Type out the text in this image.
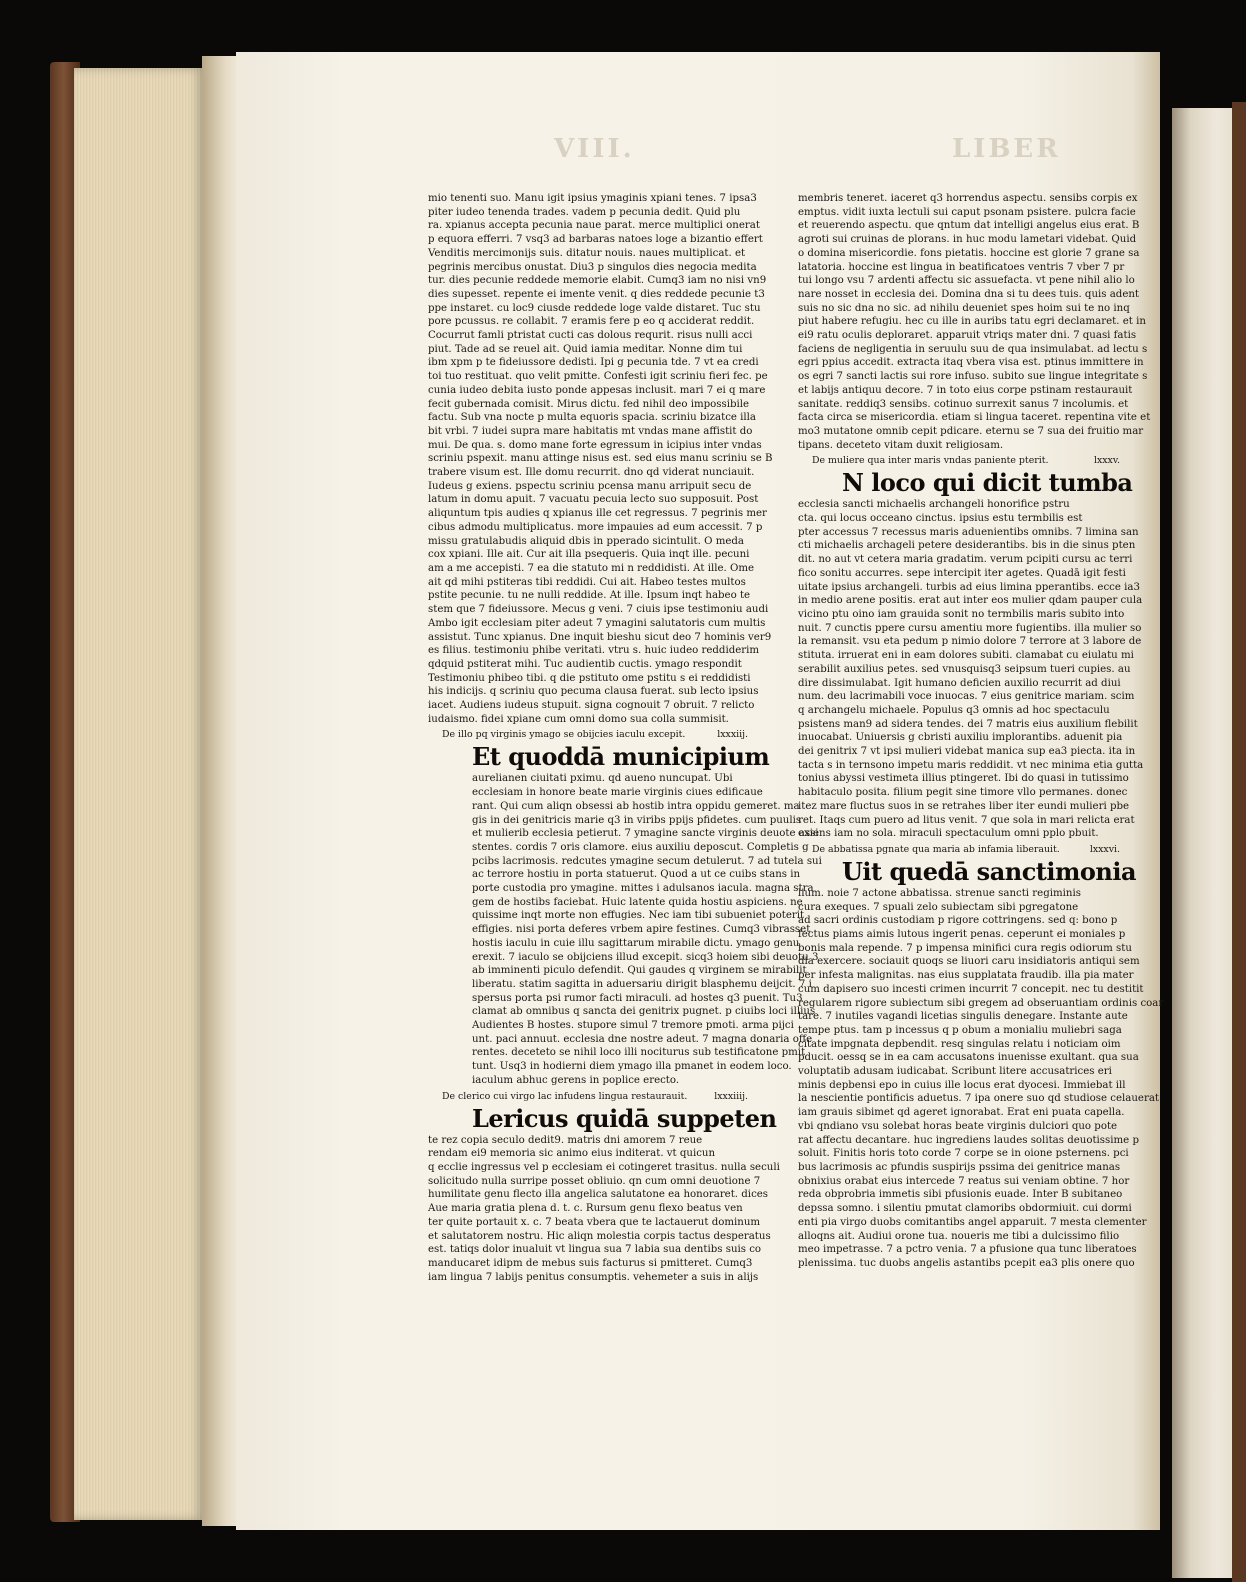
VIII.	LIBER
mio tenenti suo. Manu igit ipsius ymaginis xpiani tenes. 7 ipsa3
piter iudeo tenenda trades. vadem p pecunia dedit. Quid plu
ra. xpianus accepta pecunia naue parat. merce multiplici onerat
p equora efferri. 7 vsq3 ad barbaras natoes loge a bizantio effert
Venditis mercimonijs suis. ditatur nouis. naues multiplicat. et
pegrinis mercibus onustat. Diu3 p singulos dies negocia medita
tur. dies pecunie reddede memorie elabit. Cumq3 iam no nisi vn9
dies supesset. repente ei imente venit. q dies reddede pecunie t3
ppe instaret. cu loc9 ciusde reddede loge valde distaret. Tuc stu
pore pcussus. re collabit. 7 eramis fere p eo q acciderat reddit.
Cocurrut famli ptristat cucti cas dolous requrit. risus nulli acci
piut. Tade ad se reuel ait. Quid iamia meditar. Nonne dim tui
ibm xpm p te fideiussore dedisti. Ipi g pecunia tde. 7 vt ea credi
toi tuo restituat. quo velit pmitte. Confesti igit scriniu fieri fec. pe
cunia iudeo debita iusto ponde appesas inclusit. mari 7 ei q mare
fecit gubernada comisit. Mirus dictu. fed nihil deo impossibile
factu. Sub vna nocte p multa equoris spacia. scriniu bizatce illa
bit vrbi. 7 iudei supra mare habitatis mt vndas mane affistit do
mui. De qua. s. domo mane forte egressum in icipius inter vndas
scriniu pspexit. manu attinge nisus est. sed eius manu scriniu se B
trabere visum est. Ille domu recurrit. dno qd viderat nunciauit.
Iudeus g exiens. pspectu scriniu pcensa manu arripuit secu de
latum in domu apuit. 7 vacuatu pecuia lecto suo supposuit. Post
aliquntum tpis audies q xpianus ille cet regressus. 7 pegrinis mer
cibus admodu multiplicatus. more impauies ad eum accessit. 7 p
missu gratulabudis aliquid dbis in pperado sicintulit. O meda
cox xpiani. Ille ait. Cur ait illa psequeris. Quia inqt ille. pecuni
am a me accepisti. 7 ea die statuto mi n reddidisti. At ille. Ome
ait qd mihi pstiteras tibi reddidi. Cui ait. Habeo testes multos
pstite pecunie. tu ne nulli reddide. At ille. Ipsum inqt habeo te
stem que 7 fideiussore. Mecus g veni. 7 ciuis ipse testimoniu audi
Ambo igit ecclesiam piter adeut 7 ymagini salutatoris cum multis
assistut. Tunc xpianus. Dne inquit bieshu sicut deo 7 hominis ver9
es filius. testimoniu phibe veritati. vtru s. huic iudeo reddiderim
qdquid pstiterat mihi. Tuc audientib cuctis. ymago respondit
Testimoniu phibeo tibi. q die pstituto ome pstitu s ei reddidisti
his indicijs. q scriniu quo pecuma clausa fuerat. sub lecto ipsius
iacet. Audiens iudeus stupuit. signa cognouit 7 obruit. 7 relicto
iudaismo. fidei xpiane cum omni domo sua colla summisit.
De illo pq virginis ymago se obijcies iaculu excepit.	lxxxiij.
Et quoddā municipium
aurelianen ciuitati pximu. qd aueno nuncupat. Ubi
ecclesiam in honore beate marie virginis ciues edificaue
rant. Qui cum aliqn obsessi ab hostib intra oppidu gemeret. ma
gis in dei genitricis marie q3 in viribs ppijs pfidetes. cum puulis
et mulierib ecclesia petierut. 7 ymagine sancte virginis deuote assi
stentes. cordis 7 oris clamore. eius auxiliu deposcut. Completis g
pcibs lacrimosis. redcutes ymagine secum detulerut. 7 ad tutela sui
ac terrore hostiu in porta statuerut. Quod a ut ce cuibs stans in
porte custodia pro ymagine. mittes i adulsanos iacula. magna stra
gem de hostibs faciebat. Huic latente quida hostiu aspiciens. ne
quissime inqt morte non effugies. Nec iam tibi subueniet poterit
effigies. nisi porta deferes vrbem apire festines. Cumq3 vibrasset
hostis iaculu in cuie illu sagittarum mirabile dictu. ymago genu
erexit. 7 iaculo se obijciens illud excepit. sicq3 hoiem sibi deuotu 3
ab imminenti piculo defendit. Qui gaudes q virginem se mirabilit
liberatu. statim sagitta in aduersariu dirigit blasphemu deijcit. 7 i
spersus porta psi rumor facti miraculi. ad hostes q3 puenit. Tu3
clamat ab omnibus q sancta dei genitrix pugnet. p ciuibs loci illius
Audientes B hostes. stupore simul 7 tremore pmoti. arma pijci
unt. paci annuut. ecclesia dne nostre adeut. 7 magna donaria offe
rentes. deceteto se nihil loco illi nociturus sub testificatone pmit
tunt. Usq3 in hodierni diem ymago illa pmanet in eodem loco.
iaculum abhuc gerens in poplice erecto.
De clerico cui virgo lac infudens lingua restaurauit.	lxxxiiij.
Lericus quidā suppeten
te rez copia seculo dedit9. matris dni amorem 7 reue
rendam ei9 memoria sic animo eius inditerat. vt quicun
q ecclie ingressus vel p ecclesiam ei cotingeret trasitus. nulla seculi
solicitudo nulla surripe posset obliuio. qn cum omni deuotione 7
humilitate genu flecto illa angelica salutatone ea honoraret. dices
Aue maria gratia plena d. t. c. Rursum genu flexo beatus ven
ter quite portauit x. c. 7 beata vbera que te lactauerut dominum
et salutatorem nostru. Hic aliqn molestia corpis tactus desperatus
est. tatiqs dolor inualuit vt lingua sua 7 labia sua dentibs suis co
manducaret idipm de mebus suis facturus si pmitteret. Cumq3
iam lingua 7 labijs penitus consumptis. vehemeter a suis in alijs
membris teneret. iaceret q3 horrendus aspectu. sensibs corpis ex
emptus. vidit iuxta lectuli sui caput psonam psistere. pulcra facie
et reuerendo aspectu. que qntum dat intelligi angelus eius erat. B
agroti sui cruinas de plorans. in huc modu lametari videbat. Quid
o domina misericordie. fons pietatis. hoccine est glorie 7 grane sa
latatoria. hoccine est lingua in beatificatoes ventris 7 vber 7 pr
tui longo vsu 7 ardenti affectu sic assuefacta. vt pene nihil alio lo
nare nosset in ecclesia dei. Domina dna si tu dees tuis. quis adent
suis no sic dna no sic. ad nihilu deueniet spes hoim sui te no inq
piut habere refugiu. hec cu ille in auribs tatu egri declamaret. et in
ei9 ratu oculis deploraret. apparuit vtriqs mater dni. 7 quasi fatis
faciens de negligentia in seruulu suu de qua insimulabat. ad lectu s
egri ppius accedit. extracta itaq vbera visa est. ptinus immittere in
os egri 7 sancti lactis sui rore infuso. subito sue lingue integritate s
et labijs antiquu decore. 7 in toto eius corpe pstinam restaurauit
sanitate. reddiq3 sensibs. cotinuo surrexit sanus 7 incolumis. et
facta circa se misericordia. etiam si lingua taceret. repentina vite et
mo3 mutatone omnib cepit pdicare. eternu se 7 sua dei fruitio mar
tipans. deceteto vitam duxit religiosam.
De muliere qua inter maris vndas paniente pterit.	lxxxv.
N loco qui dicit tumba
ecclesia sancti michaelis archangeli honorifice pstru
cta. qui locus occeano cinctus. ipsius estu termbilis est
pter accessus 7 recessus maris aduenientibs omnibs. 7 limina san
cti michaelis archageli petere desiderantibs. bis in die sinus pten
dit. no aut vt cetera maria gradatim. verum pcipiti cursu ac terri
fico sonitu accurres. sepe intercipit iter agetes. Quadā igit festi
uitate ipsius archangeli. turbis ad eius limina pperantibs. ecce ia3
in medio arene positis. erat aut inter eos mulier qdam pauper cula
vicino ptu oino iam grauida sonit no termbilis maris subito into
nuit. 7 cunctis ppere cursu amentiu more fugientibs. illa mulier so
la remansit. vsu eta pedum p nimio dolore 7 terrore at 3 labore de
stituta. irruerat eni in eam dolores subiti. clamabat cu eiulatu mi
serabilit auxilius petes. sed vnusquisq3 seipsum tueri cupies. au
dire dissimulabat. Igit humano deficien auxilio recurrit ad diui
num. deu lacrimabili voce inuocas. 7 eius genitrice mariam. scim
q archangelu michaele. Populus q3 omnis ad hoc spectaculu
psistens man9 ad sidera tendes. dei 7 matris eius auxilium flebilit
inuocabat. Uniuersis g cbristi auxiliu implorantibs. aduenit pia
dei genitrix 7 vt ipsi mulieri videbat manica sup ea3 piecta. ita in
tacta s in ternsono impetu maris reddidit. vt nec minima etia gutta
tonius abyssi vestimeta illius ptingeret. Ibi do quasi in tutissimo
habitaculo posita. filium pegit sine timore vllo permanes. donec
itez mare fluctus suos in se retrahes liber iter eundi mulieri pbe
ret. Itaqs cum puero ad litus venit. 7 que sola in mari relicta erat
exiens iam no sola. miraculi spectaculum omni pplo pbuit.
De abbatissa pgnate qua maria ab infamia liberauit.	lxxxvi.
Uit quedā sanctimonia
lium. noie 7 actone abbatissa. strenue sancti regiminis
cura exeques. 7 spuali zelo subiectam sibi pgregatone
ad sacri ordinis custodiam p rigore cottringens. sed q: bono p
fectus piams aimis lutous ingerit penas. ceperunt ei moniales p
bonis mala repende. 7 p impensa minifici cura regis odiorum stu
dia exercere. sociauit quoqs se liuori caru insidiatoris antiqui sem
per infesta malignitas. nas eius supplatata fraudib. illa pia mater
cum dapisero suo incesti crimen incurrit 7 concepit. nec tu destitit
regularem rigore subiectum sibi gregem ad obseruantiam ordinis coar
tare. 7 inutiles vagandi licetias singulis denegare. Instante aute
tempe ptus. tam p incessus q p obum a monialiu muliebri saga
citate impgnata depbendit. resq singulas relatu i noticiam oim
pducit. oessq se in ea cam accusatons inuenisse exultant. qua sua
voluptatib adusam iudicabat. Scribunt litere accusatrices eri
minis depbensi epo in cuius ille locus erat dyocesi. Immiebat ill
la nescientie pontificis aduetus. 7 ipa onere suo qd studiose celauerat
iam grauis sibimet qd ageret ignorabat. Erat eni puata capella.
vbi qndiano vsu solebat horas beate virginis dulciori quo pote
rat affectu decantare. huc ingrediens laudes solitas deuotissime p
soluit. Finitis horis toto corde 7 corpe se in oione psternens. pci
bus lacrimosis ac pfundis suspirijs pssima dei genitrice manas
obnixius orabat eius intercede 7 reatus sui veniam obtine. 7 hor
reda obprobria immetis sibi pfusionis euade. Inter B subitaneo
depssa somno. i silentiu pmutat clamoribs obdormiuit. cui dormi
enti pia virgo duobs comitantibs angel apparuit. 7 mesta clementer
alloqns ait. Audiui orone tua. noueris me tibi a dulcissimo filio
meo impetrasse. 7 a pctro venia. 7 a pfusione qua tunc liberatoes
plenissima. tuc duobs angelis astantibs pcepit ea3 plis onere quo
